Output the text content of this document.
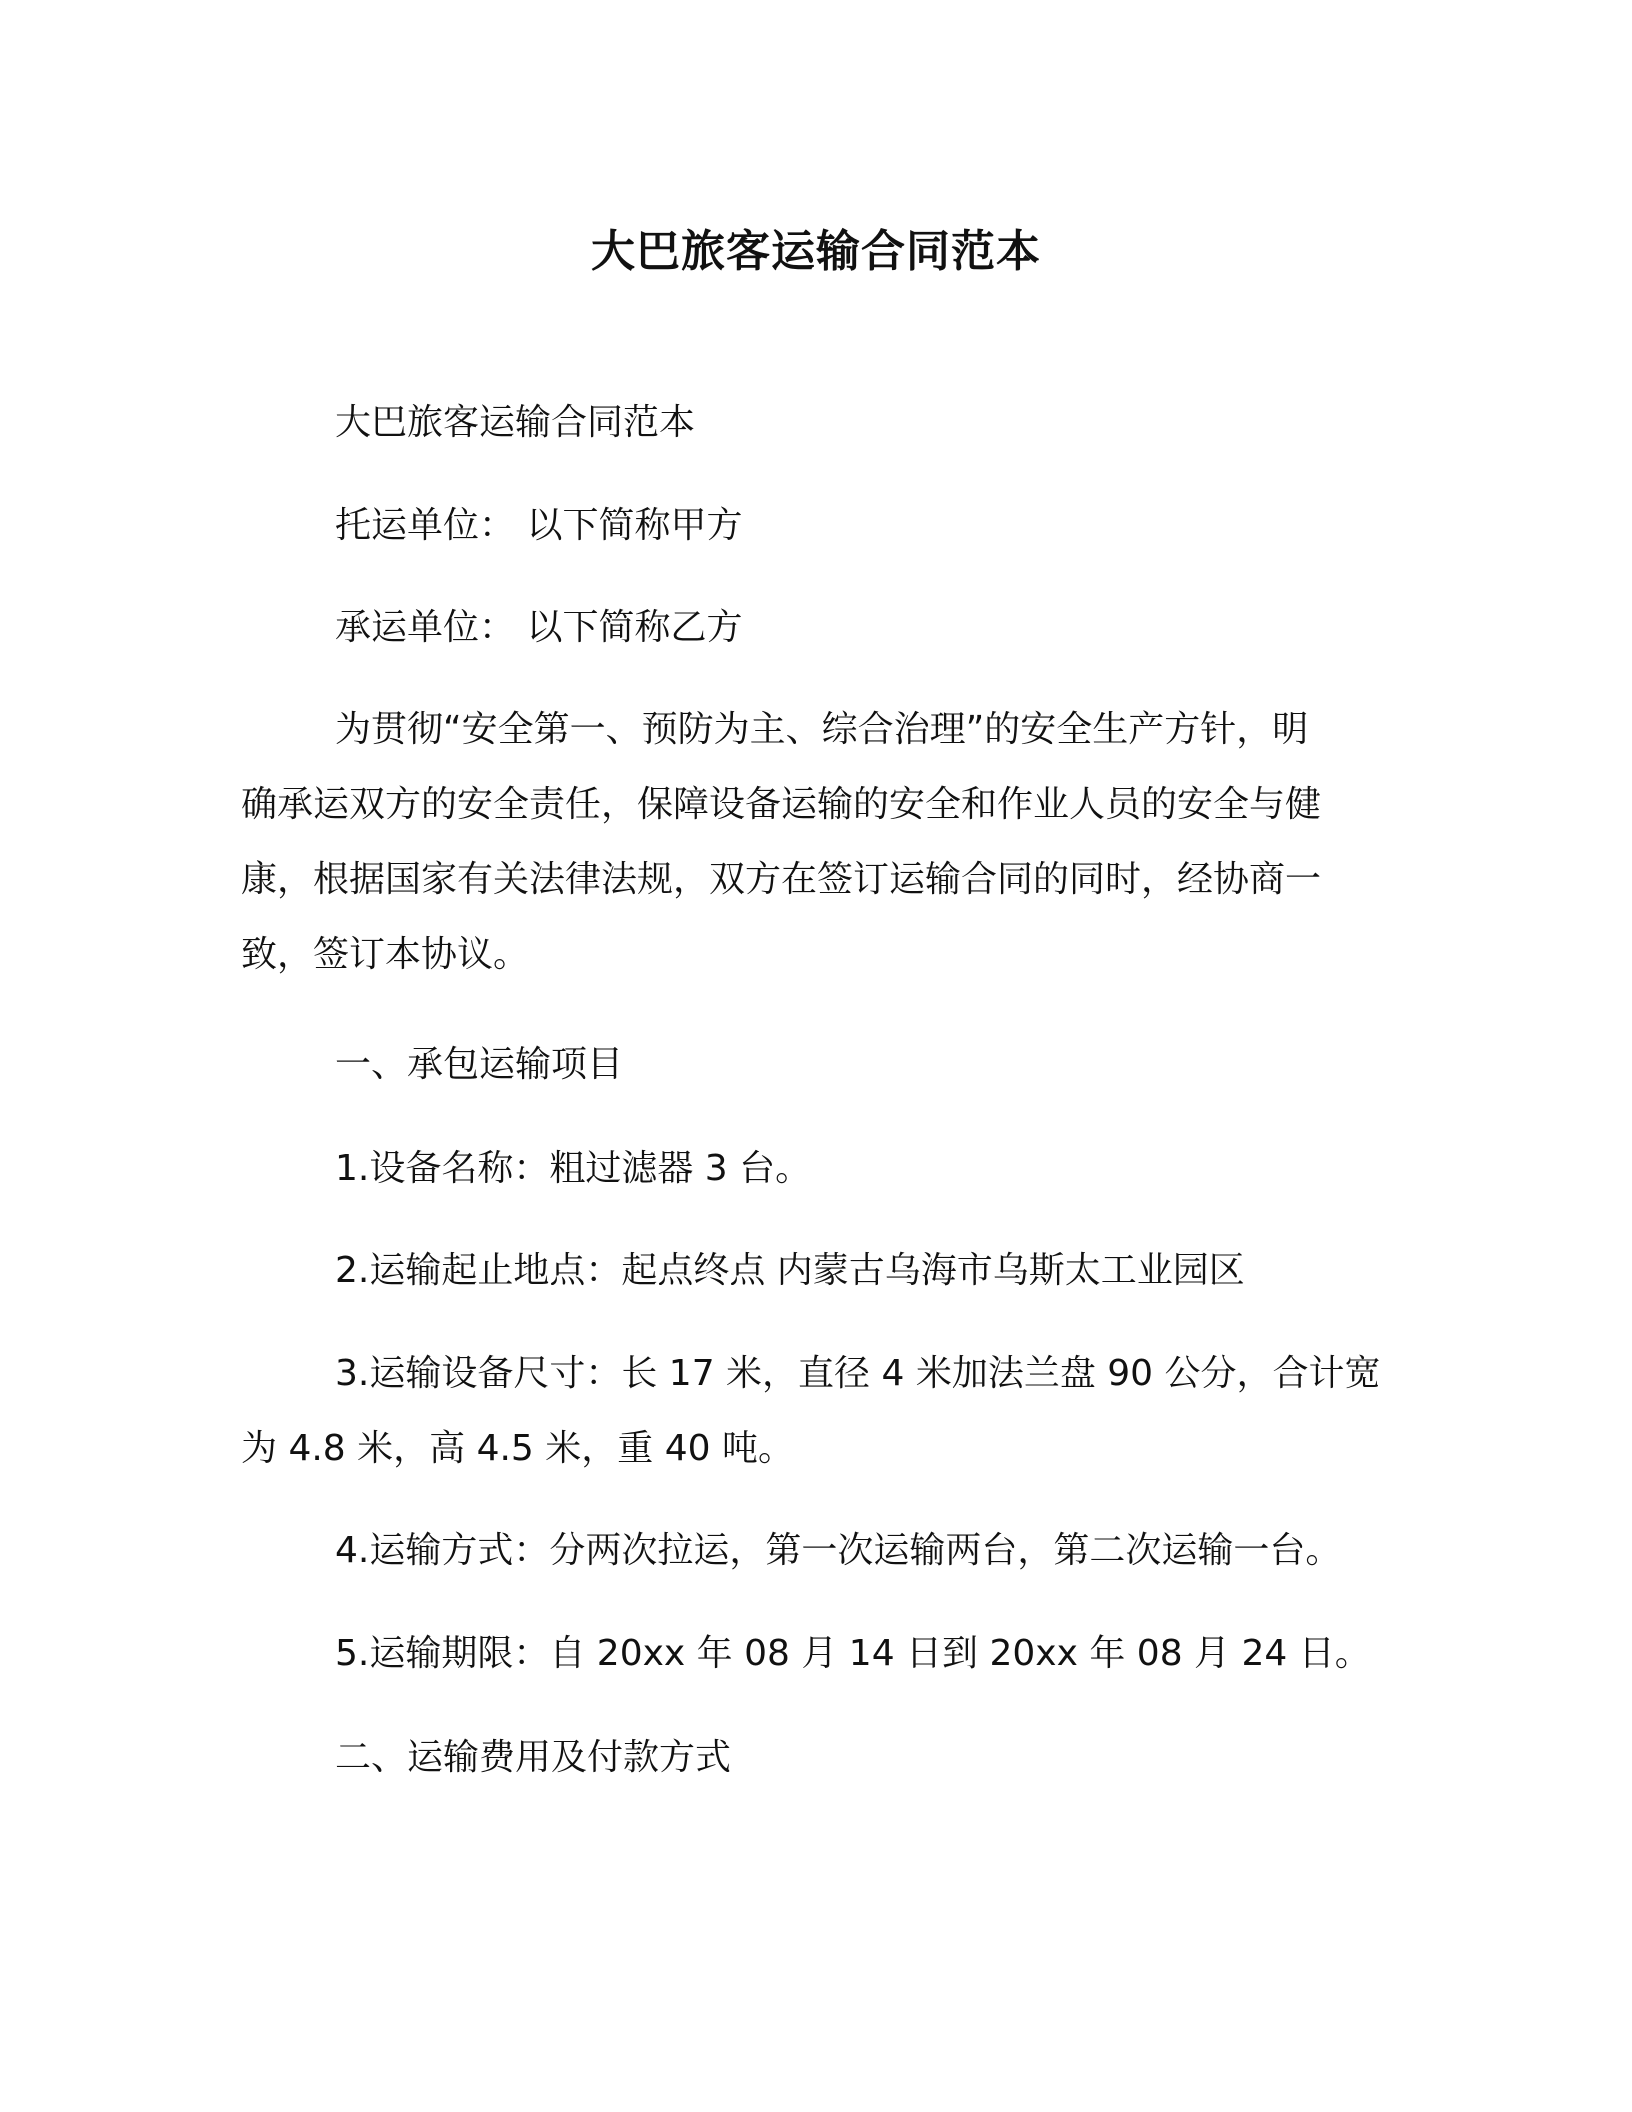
大巴旅客运输合同范本
大巴旅客运输合同范本
托运单位： 以下简称甲方
承运单位： 以下简称乙方
为贯彻“安全第一、预防为主、综合治理”的安全生产方针，明
确承运双方的安全责任，保障设备运输的安全和作业人员的安全与健
康，根据国家有关法律法规，双方在签订运输合同的同时，经协商一
致，签订本协议。
一、承包运输项目
1.设备名称：粗过滤器 3 台。
2.运输起止地点：起点终点 内蒙古乌海市乌斯太工业园区
3.运输设备尺寸：长 17 米，直径 4 米加法兰盘 90 公分，合计宽
为 4.8 米，高 4.5 米，重 40 吨。
4.运输方式：分两次拉运，第一次运输两台，第二次运输一台。
5.运输期限：自 20xx 年 08 月 14 日到 20xx 年 08 月 24 日。
二、运输费用及付款方式
